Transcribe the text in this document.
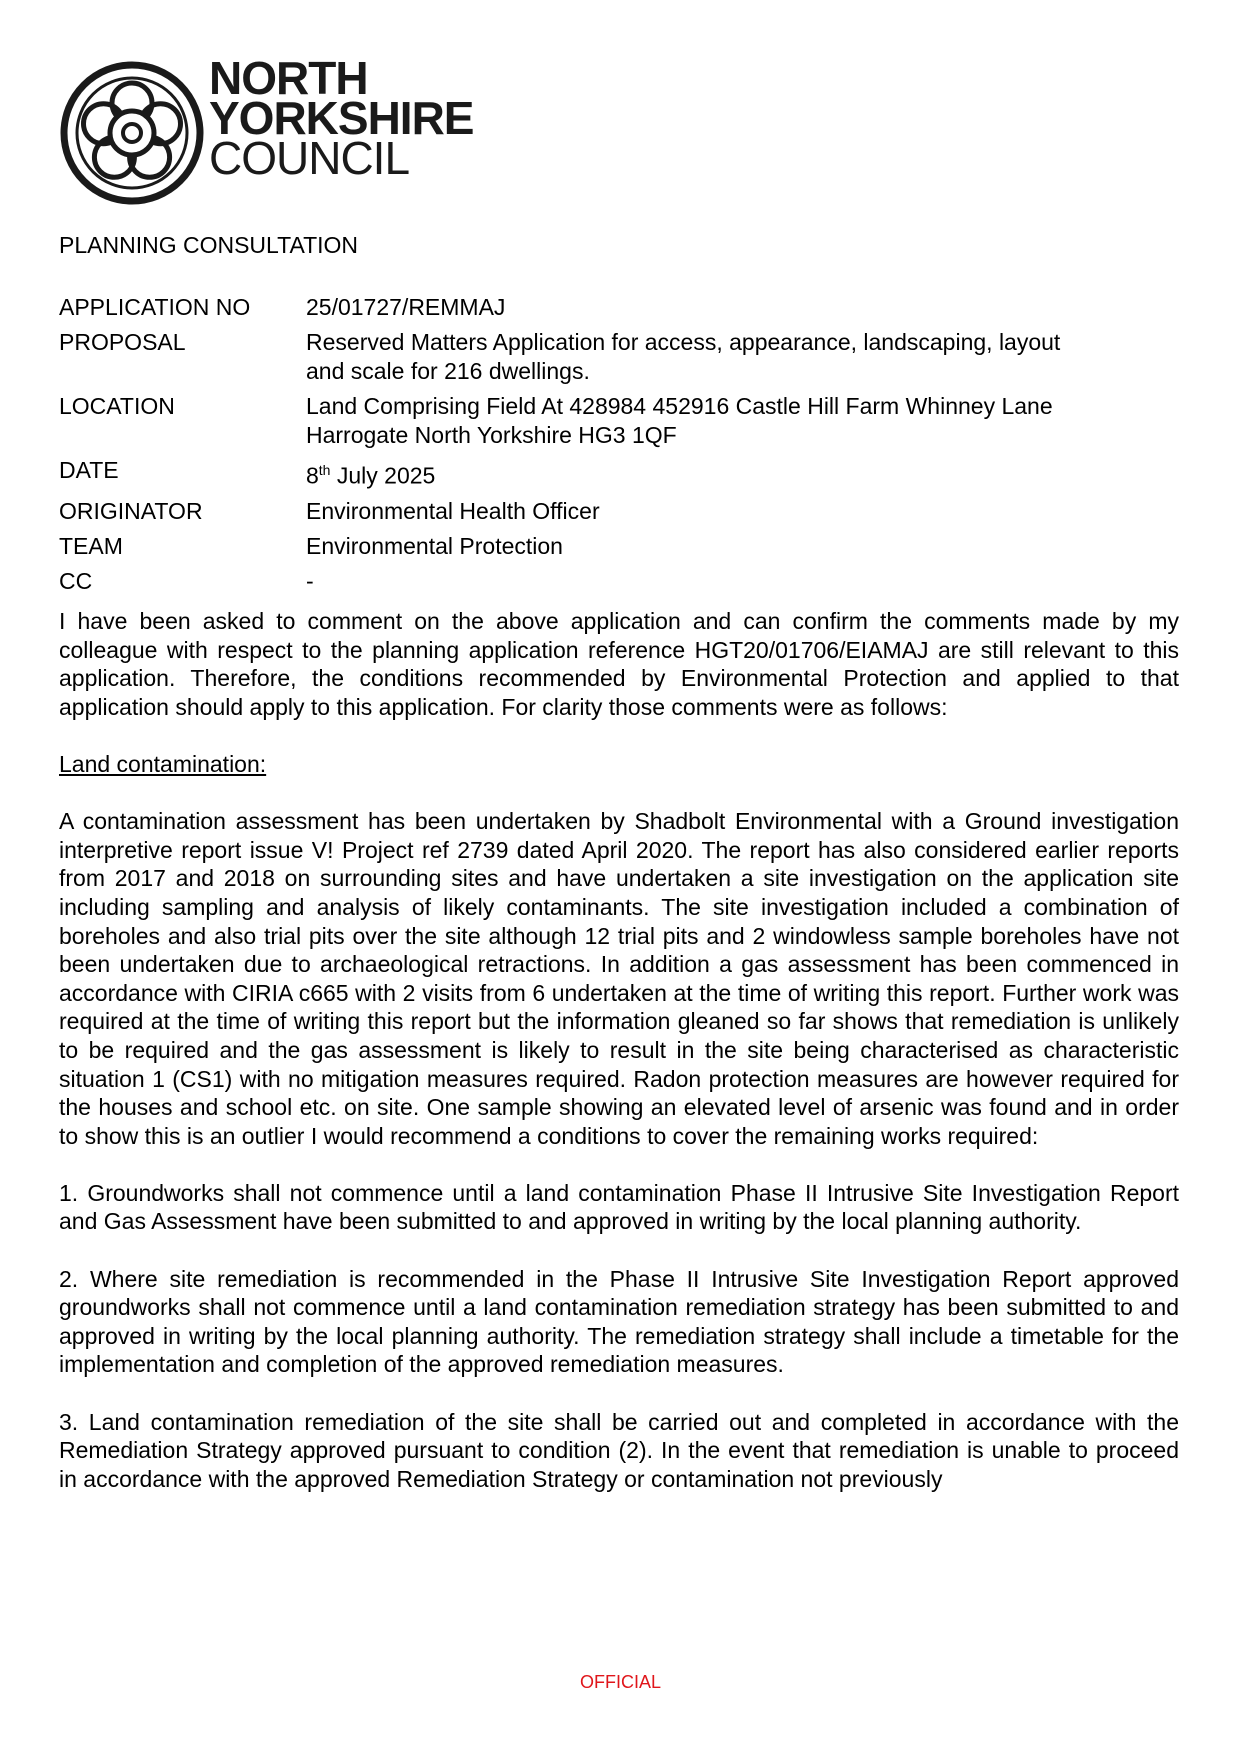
NORTH
YORKSHIRE
COUNCIL
PLANNING CONSULTATION
APPLICATION NO	25/01727/REMMAJ
PROPOSAL	Reserved Matters Application for access, appearance, landscaping, layout
and scale for 216 dwellings.
LOCATION	Land Comprising Field At 428984 452916 Castle Hill Farm Whinney Lane
Harrogate North Yorkshire HG3 1QF
DATE	8th July 2025
ORIGINATOR	Environmental Health Officer
TEAM	Environmental Protection
CC	-

I have been asked to comment on the above application and can confirm the comments made by my colleague with respect to the planning application reference HGT20/01706/EIAMAJ are still relevant to this application. Therefore, the conditions recommended by Environmental Protection and applied to that application should apply to this application. For clarity those comments were as follows:

Land contamination:

A contamination assessment has been undertaken by Shadbolt Environmental with a Ground investigation interpretive report issue V! Project ref 2739 dated April 2020. The report has also considered earlier reports from 2017 and 2018 on surrounding sites and have undertaken a site investigation on the application site including sampling and analysis of likely contaminants. The site investigation included a combination of boreholes and also trial pits over the site although 12 trial pits and 2 windowless sample boreholes have not been undertaken due to archaeological retractions. In addition a gas assessment has been commenced in accordance with CIRIA c665 with 2 visits from 6 undertaken at the time of writing this report. Further work was required at the time of writing this report but the information gleaned so far shows that remediation is unlikely to be required and the gas assessment is likely to result in the site being characterised as characteristic situation 1 (CS1) with no mitigation measures required. Radon protection measures are however required for the houses and school etc. on site. One sample showing an elevated level of arsenic was found and in order to show this is an outlier I would recommend a conditions to cover the remaining works required:

1. Groundworks shall not commence until a land contamination Phase II Intrusive Site Investigation Report and Gas Assessment have been submitted to and approved in writing by the local planning authority.

2. Where site remediation is recommended in the Phase II Intrusive Site Investigation Report approved groundworks shall not commence until a land contamination remediation strategy has been submitted to and approved in writing by the local planning authority. The remediation strategy shall include a timetable for the implementation and completion of the approved remediation measures.

3. Land contamination remediation of the site shall be carried out and completed in accordance with the Remediation Strategy approved pursuant to condition (2). In the event that remediation is unable to proceed in accordance with the approved Remediation Strategy or contamination not previously

OFFICIAL
